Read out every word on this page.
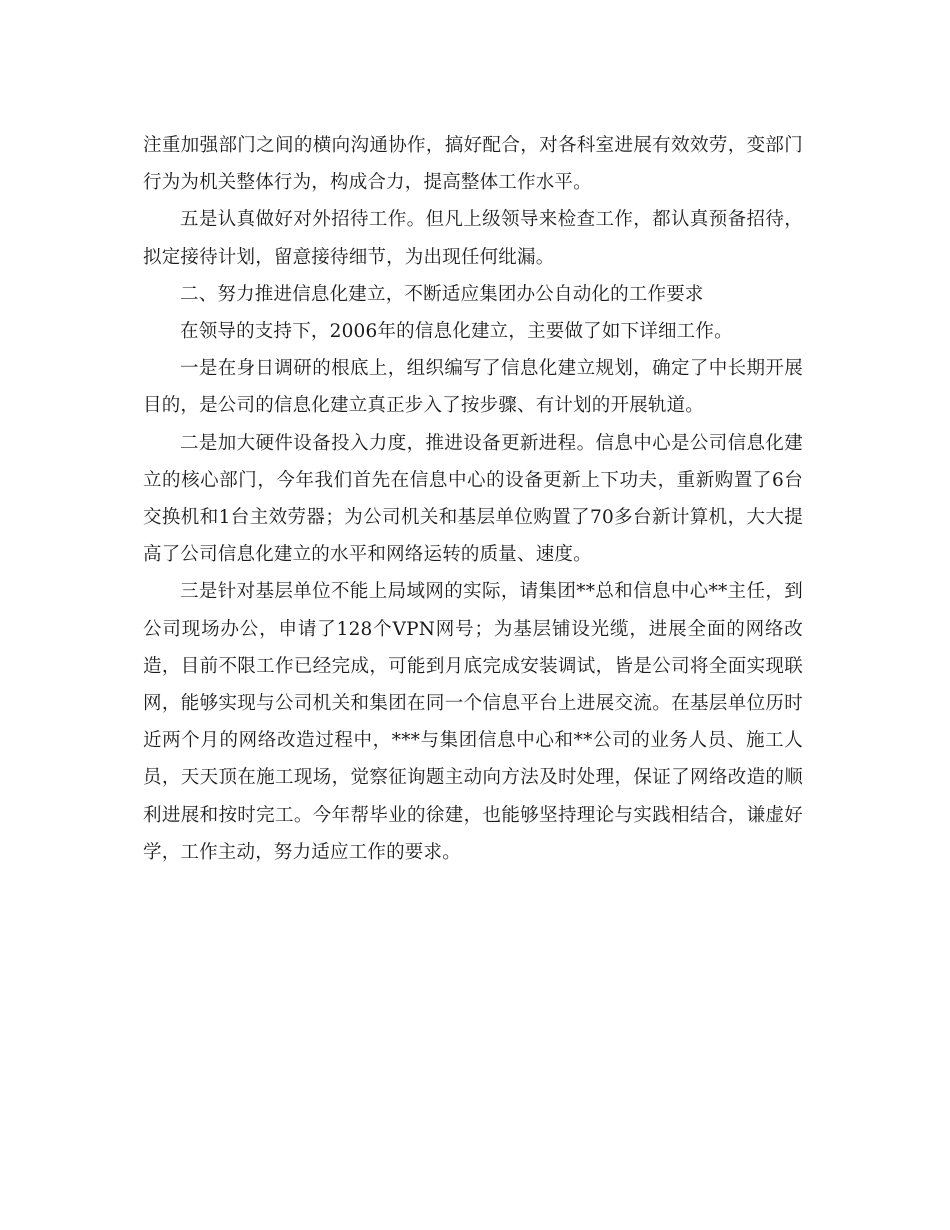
注重加强部门之间的横向沟通协作，搞好配合，对各科室进展有效效劳，变部门行为为机关整体行为，构成合力，提高整体工作水平。

五是认真做好对外招待工作。但凡上级领导来检查工作，都认真预备招待，拟定接待计划，留意接待细节，为出现任何纰漏。

二、努力推进信息化建立，不断适应集团办公自动化的工作要求

在领导的支持下，2006年的信息化建立，主要做了如下详细工作。

一是在身日调研的根底上，组织编写了信息化建立规划，确定了中长期开展目的，是公司的信息化建立真正步入了按步骤、有计划的开展轨道。

二是加大硬件设备投入力度，推进设备更新进程。信息中心是公司信息化建立的核心部门，今年我们首先在信息中心的设备更新上下功夫，重新购置了6台交换机和1台主效劳器；为公司机关和基层单位购置了70多台新计算机，大大提高了公司信息化建立的水平和网络运转的质量、速度。

三是针对基层单位不能上局域网的实际，请集团**总和信息中心**主任，到公司现场办公，申请了128个VPN网号；为基层铺设光缆，进展全面的网络改造，目前不限工作已经完成，可能到月底完成安装调试，皆是公司将全面实现联网，能够实现与公司机关和集团在同一个信息平台上进展交流。在基层单位历时近两个月的网络改造过程中，***与集团信息中心和**公司的业务人员、施工人员，天天顶在施工现场，觉察征询题主动向方法及时处理，保证了网络改造的顺利进展和按时完工。今年帮毕业的徐建，也能够坚持理论与实践相结合，谦虚好学，工作主动，努力适应工作的要求。
